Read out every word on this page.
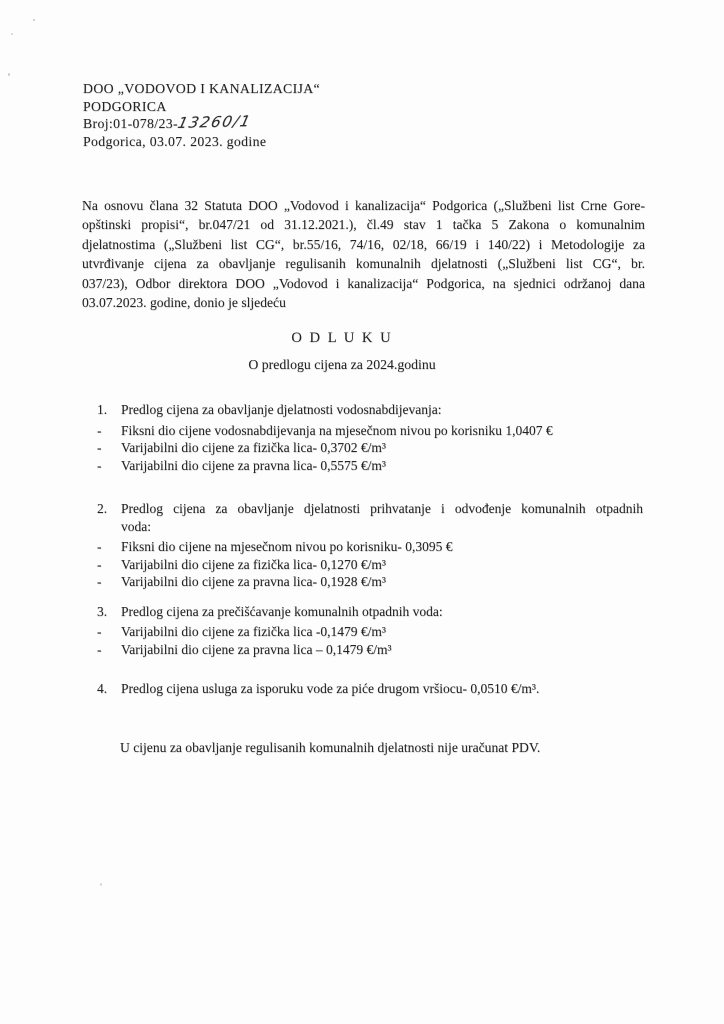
DOO „VODOVOD I KANALIZACIJA“
PODGORICA
Broj:01-078/23-13260/1
Podgorica, 03.07. 2023. godine
Na osnovu člana 32 Statuta DOO „Vodovod i kanalizacija“ Podgorica („Službeni list Crne Gore-
opštinski propisi“, br.047/21 od 31.12.2021.), čl.49 stav 1 tačka 5 Zakona o komunalnim
djelatnostima („Službeni list CG“, br.55/16, 74/16, 02/18, 66/19 i 140/22) i Metodologije za
utvrđivanje cijena za obavljanje regulisanih komunalnih djelatnosti („Službeni list CG“, br.
037/23), Odbor direktora DOO „Vodovod i kanalizacija“ Podgorica, na sjednici održanoj dana
03.07.2023. godine, donio je sljedeću
O D L U K U
O predlogu cijena za 2024.godinu
1.	Predlog cijena za obavljanje djelatnosti vodosnabdijevanja:
-	Fiksni dio cijene vodosnabdijevanja na mjesečnom nivou po korisniku 1,0407 €
-	Varijabilni dio cijene za fizička lica- 0,3702 €/m³
-	Varijabilni dio cijene za pravna lica- 0,5575 €/m³
2.	Predlog cijena za obavljanje djelatnosti prihvatanje i odvođenje komunalnih otpadnih
voda:
-	Fiksni dio cijene na mjesečnom nivou po korisniku- 0,3095 €
-	Varijabilni dio cijene za fizička lica- 0,1270 €/m³
-	Varijabilni dio cijene za pravna lica- 0,1928 €/m³
3.	Predlog cijena za prečišćavanje komunalnih otpadnih voda:
-	Varijabilni dio cijene za fizička lica -0,1479 €/m³
-	Varijabilni dio cijene za pravna lica – 0,1479 €/m³
4.	Predlog cijena usluga za isporuku vode za piće drugom vršiocu- 0,0510 €/m³.
U cijenu za obavljanje regulisanih komunalnih djelatnosti nije uračunat PDV.
